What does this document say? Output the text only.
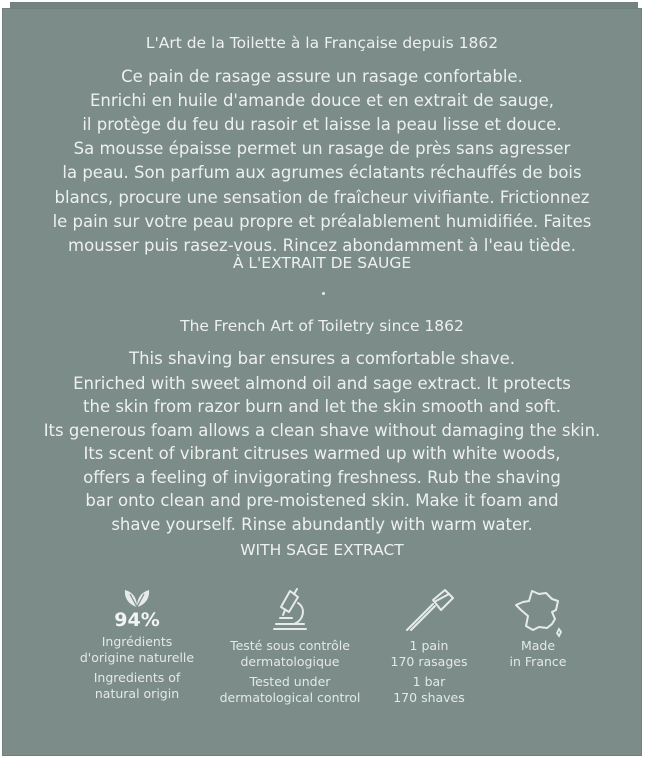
L'Art de la Toilette à la Française depuis 1862
Ce pain de rasage assure un rasage confortable.
Enrichi en huile d'amande douce et en extrait de sauge,
il protège du feu du rasoir et laisse la peau lisse et douce.
Sa mousse épaisse permet un rasage de près sans agresser
la peau. Son parfum aux agrumes éclatants réchauffés de bois
blancs, procure une sensation de fraîcheur vivifiante. Frictionnez
le pain sur votre peau propre et préalablement humidifiée. Faites
mousser puis rasez-vous. Rincez abondamment à l'eau tiède.
À L'EXTRAIT DE SAUGE
The French Art of Toiletry since 1862
This shaving bar ensures a comfortable shave.
Enriched with sweet almond oil and sage extract. It protects
the skin from razor burn and let the skin smooth and soft.
Its generous foam allows a clean shave without damaging the skin.
Its scent of vibrant citruses warmed up with white woods,
offers a feeling of invigorating freshness. Rub the shaving
bar onto clean and pre-moistened skin. Make it foam and
shave yourself. Rinse abundantly with warm water.
WITH SAGE EXTRACT
94%
Ingrédients
d'origine naturelle
Ingredients of
natural origin
Testé sous contrôle
dermatologique
Tested under
dermatological control
1 pain
170 rasages
1 bar
170 shaves
Made
in France
